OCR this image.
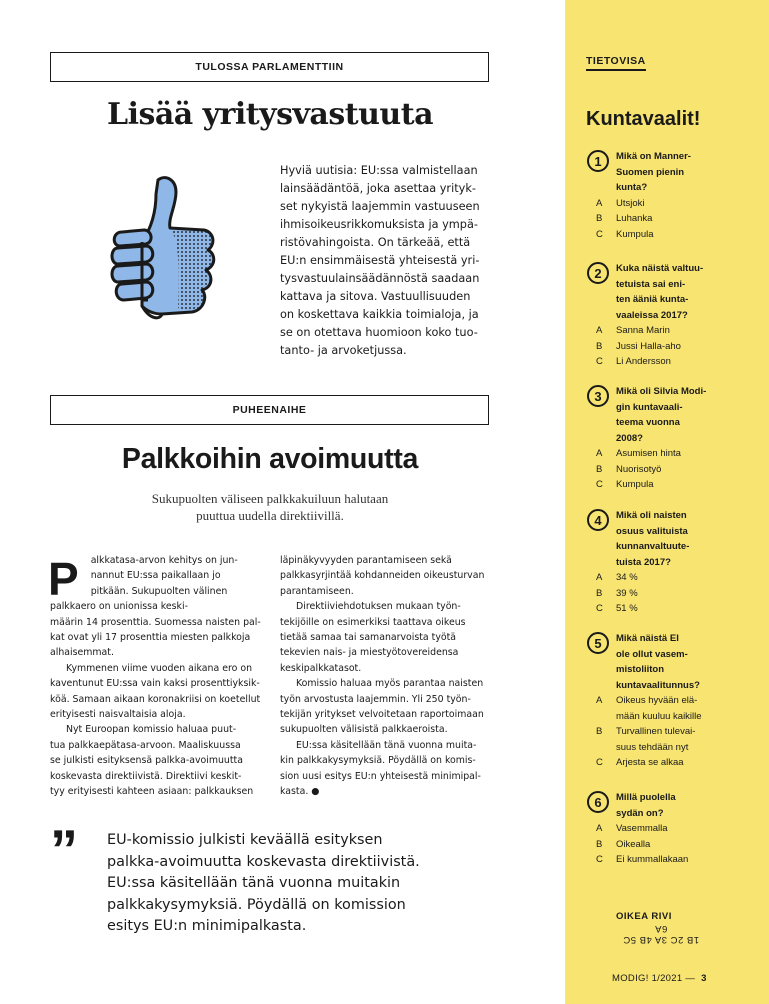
TULOSSA PARLAMENTTIIN
Lisää yritysvastuuta
Hyviä uutisia: EU:ssa valmistellaan
lainsäädäntöä, joka asettaa yrityk-
set nykyistä laajemmin vastuuseen
ihmisoikeusrikkomuksista ja ympä-
ristövahingoista. On tärkeää, että
EU:n ensimmäisestä yhteisestä yri-
tysvastuulainsäädännöstä saadaan
kattava ja sitova. Vastuullisuuden
on koskettava kaikkia toimialoja, ja
se on otettava huomioon koko tuo-
tanto- ja arvoketjussa.
PUHEENAIHE
Palkkoihin avoimuutta
Sukupuolten väliseen palkkakuiluun halutaan
puuttua uudella direktiivillä.
P	alkkatasa-arvon kehitys on jun-

nannut EU:ssa paikallaan jo

pitkään. Sukupuolten välinen

palkkaero on unionissa keski-

määrin 14 prosenttia. Suomessa naisten pal-

kat ovat yli 17 prosenttia miesten palkkoja

alhaisemmat.

Kymmenen viime vuoden aikana ero on

kaventunut EU:ssa vain kaksi prosenttiyksik-

köä. Samaan aikaan koronakriisi on koetellut

erityisesti naisvaltaisia aloja.

Nyt Euroopan komissio haluaa puut-

tua palkkaepätasa-arvoon. Maaliskuussa

se julkisti esityksensä palkka-avoimuutta

koskevasta direktiivistä. Direktiivi keskit-

tyy erityisesti kahteen asiaan: palkkauksen

läpinäkyvyyden parantamiseen sekä

palkkasyrjintää kohdanneiden oikeusturvan

parantamiseen.

Direktiiviehdotuksen mukaan työn-

tekijöille on esimerkiksi taattava oikeus

tietää samaa tai samanarvoista työtä

tekevien nais- ja miestyötovereidensa

keskipalkkatasot.

Komissio haluaa myös parantaa naisten

työn arvostusta laajemmin. Yli 250 työn-

tekijän yritykset velvoitetaan raportoimaan

sukupuolten välisistä palkkaeroista.

EU:ssa käsitellään tänä vuonna muita-

kin palkkakysymyksiä. Pöydällä on komis-

sion uusi esitys EU:n yhteisestä minimipal-

kasta. ●

” EU-komissio julkisti keväällä esityksen
palkka-avoimuutta koskevasta direktiivistä.
EU:ssa käsitellään tänä vuonna muitakin
palkkakysymyksiä. Pöydällä on komission
esitys EU:n minimipalkasta.
TIETOVISA
Kuntavaalit!
1	Mikä on Manner-
Suomen pienin
kunta?
A Utsjoki
B Luhanka
C Kumpula
2	Kuka näistä valtuu-
tetuista sai eni-
ten ääniä kunta-
vaaleissa 2017?
A Sanna Marin
B Jussi Halla-aho
C Li Andersson
3	Mikä oli Silvia Modi-
gin kuntavaali-
teema vuonna
2008?
A Asumisen hinta
B Nuorisotyö
C Kumpula
4	Mikä oli naisten
osuus valituista
kunnanvaltuute-
tuista 2017?
A 34 %
B 39 %
C 51 %
5	Mikä näistä EI
ole ollut vasem-
mistoliiton
kuntavaalitunnus?
A Oikeus hyvään elä-
mään kuuluu kaikille
B Turvallinen tulevai-
suus tehdään nyt
C Arjesta se alkaa
6	Millä puolella
sydän on?
A Vasemmalla
B Oikealla
C Ei kummallakaan
OIKEA RIVI
1B 2C 3A 4B 5C 6A
MODIG! 1/2021 — 3
